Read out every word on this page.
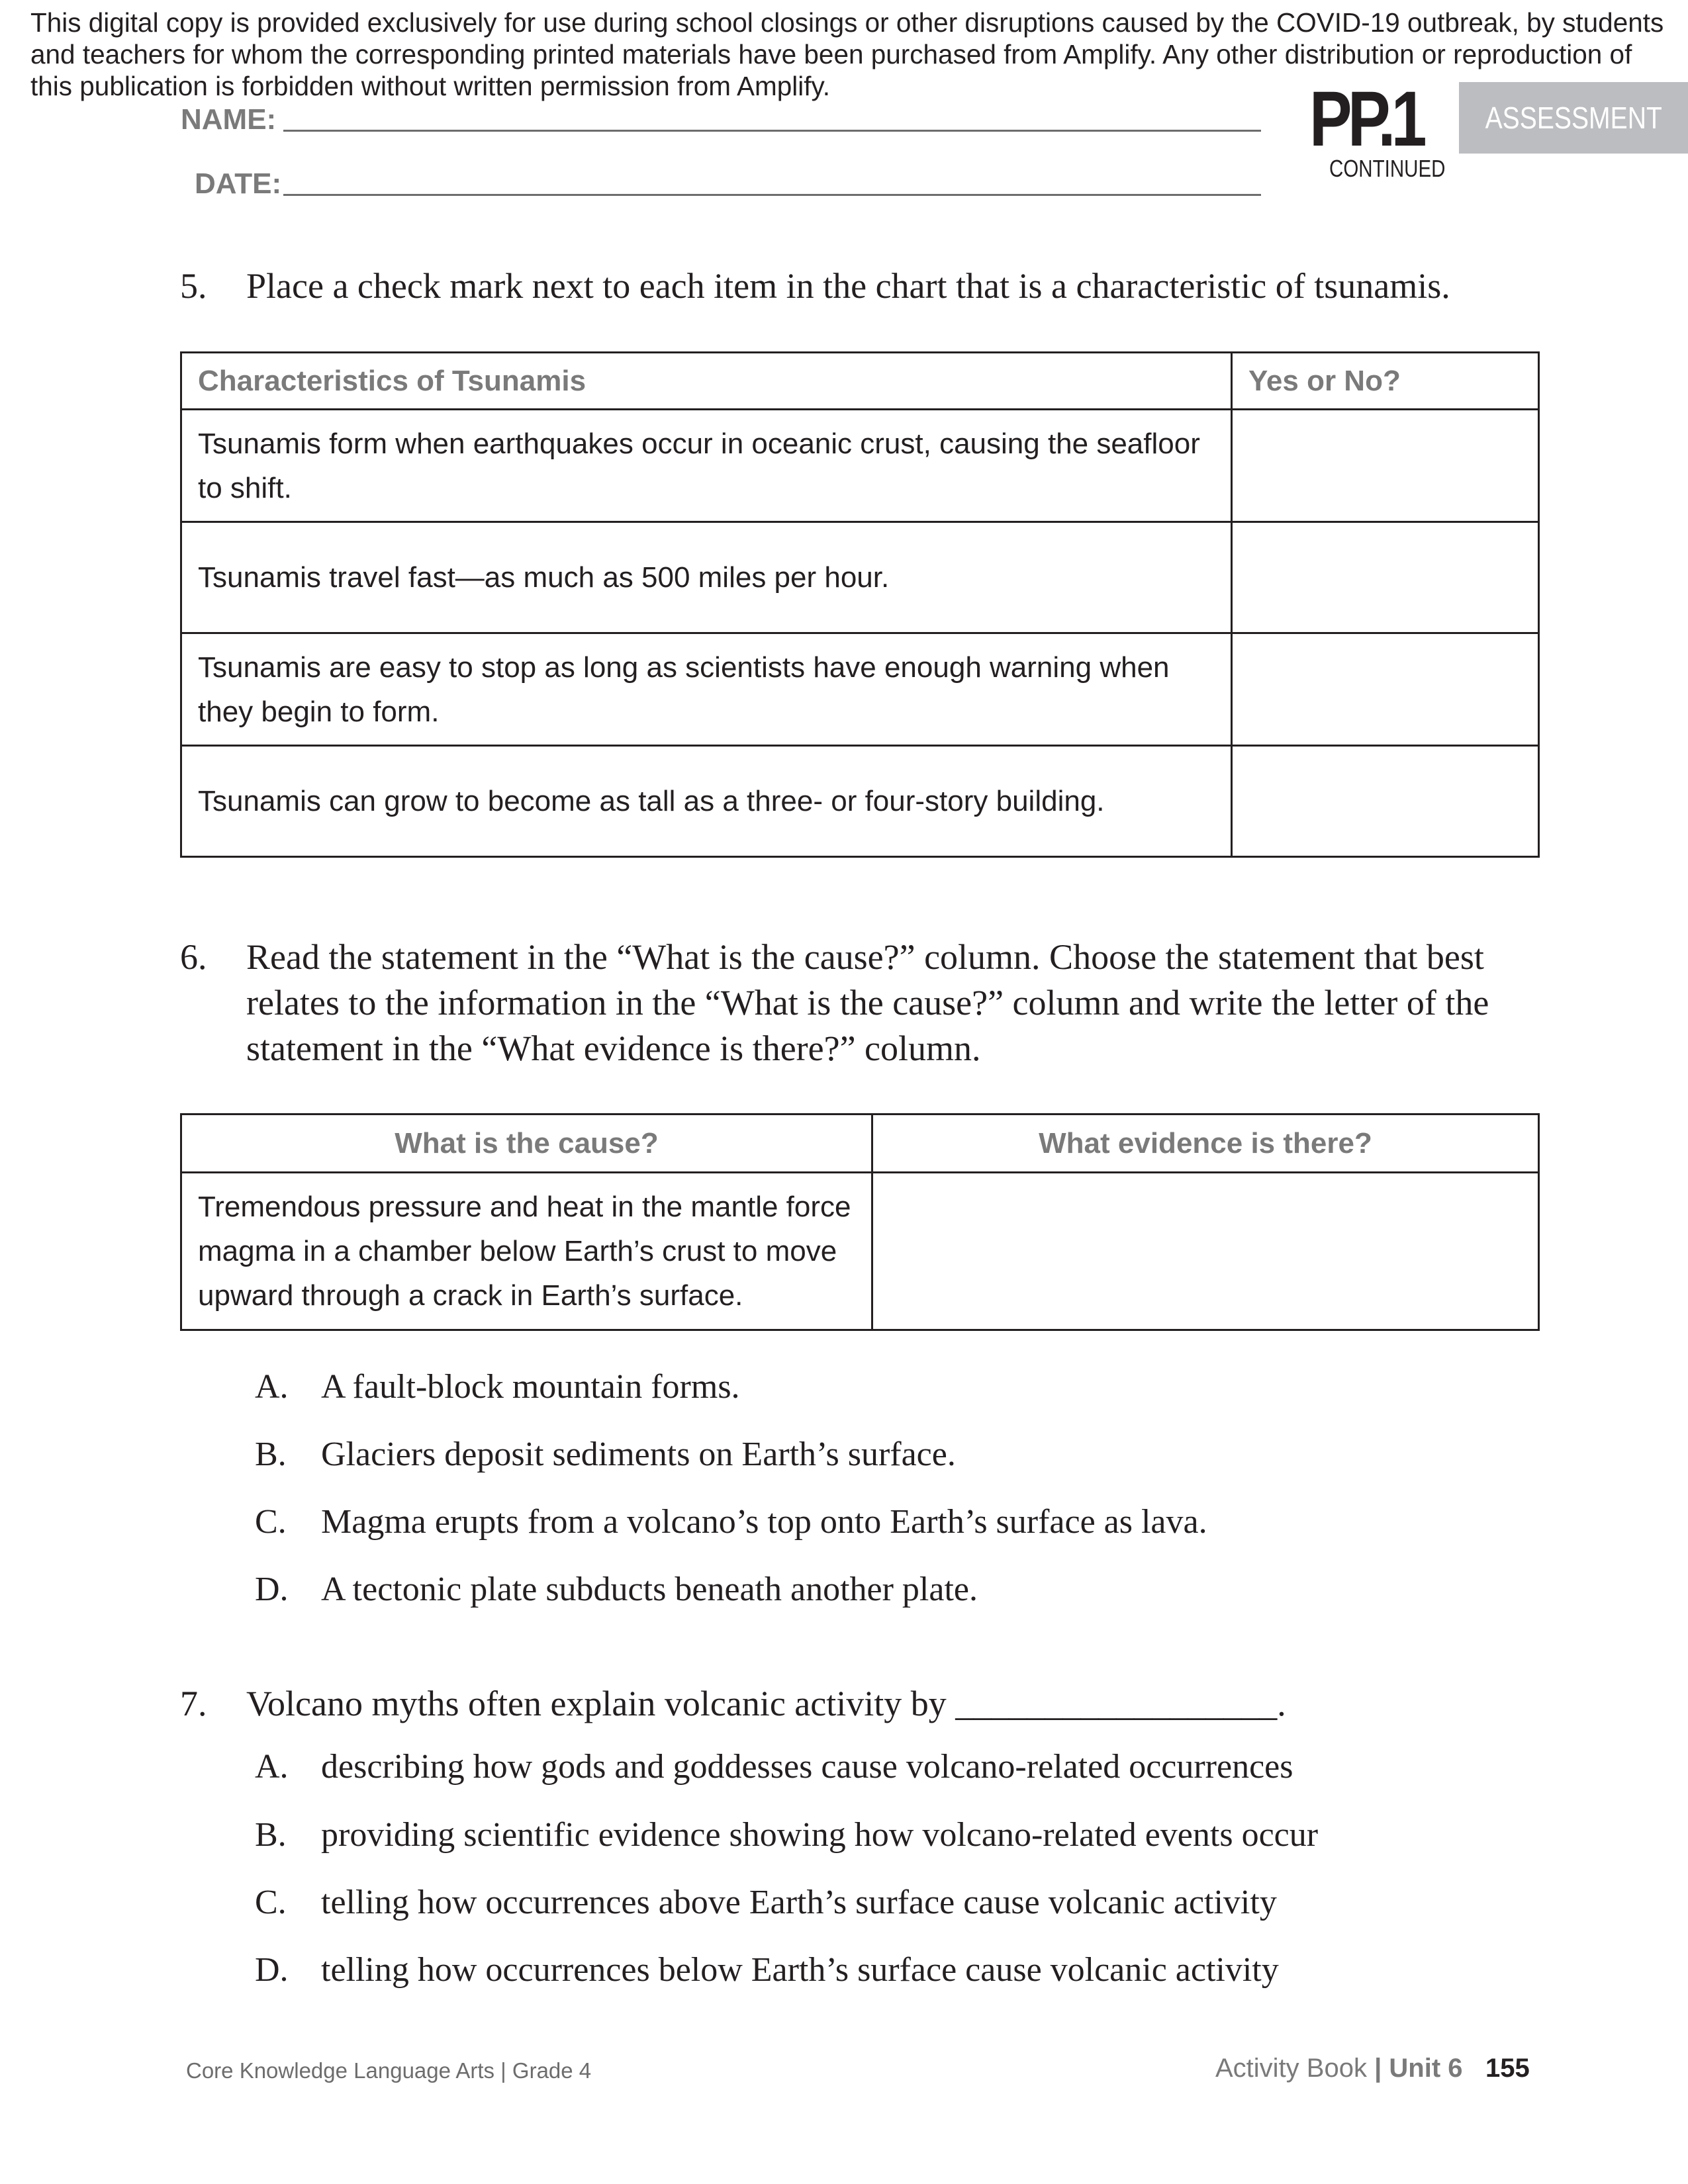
This digital copy is provided exclusively for use during school closings or other disruptions caused by the COVID-19 outbreak, by students and teachers for whom the corresponding printed materials have been purchased from Amplify. Any other distribution or reproduction of this publication is forbidden without written permission from Amplify.
NAME:
DATE:
PP.1
CONTINUED
ASSESSMENT
5.	Place a check mark next to each item in the chart that is a characteristic of tsunamis.
Characteristics of Tsunamis	Yes or No?
Tsunamis form when earthquakes occur in oceanic crust, causing the seafloor to shift.	
Tsunamis travel fast—as much as 500 miles per hour.	
Tsunamis are easy to stop as long as scientists have enough warning when they begin to form.	
Tsunamis can grow to become as tall as a three- or four-story building.	
6.	Read the statement in the “What is the cause?” column. Choose the statement that best relates to the information in the “What is the cause?” column and write the letter of the statement in the “What evidence is there?” column.
What is the cause?	What evidence is there?
Tremendous pressure and heat in the mantle force magma in a chamber below Earth’s crust to move upward through a crack in Earth’s surface.	
A. A fault-block mountain forms.
B. Glaciers deposit sediments on Earth’s surface.
C. Magma erupts from a volcano’s top onto Earth’s surface as lava.
D. A tectonic plate subducts beneath another plate.
7.	Volcano myths often explain volcanic activity by __________________.
A. describing how gods and goddesses cause volcano-related occurrences
B. providing scientific evidence showing how volcano-related events occur
C. telling how occurrences above Earth’s surface cause volcanic activity
D. telling how occurrences below Earth’s surface cause volcanic activity
Core Knowledge Language Arts | Grade 4	Activity Book | Unit 6 155
